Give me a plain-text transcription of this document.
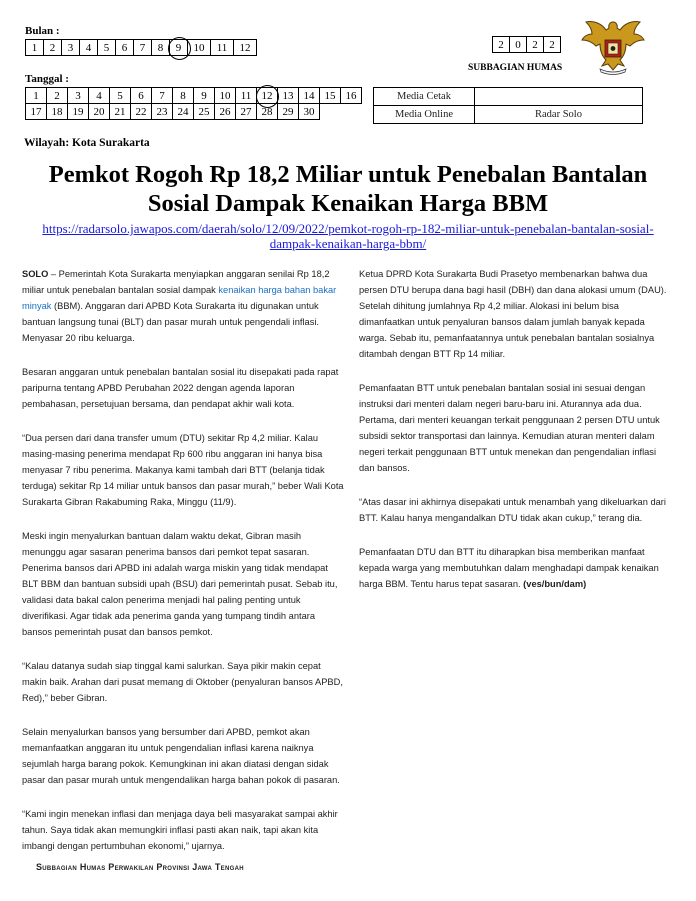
Bulan :
1	2	3	4	5	6	7	8	9	10	11	12	2	0	2	2
SUBBAGIAN HUMAS
Tanggal :
1	2	3	4	5	6	7	8	9	10	11	12	13	14	15	16
17	18	19	20	21	22	23	24	25	26	27	28	29	30		
Media Cetak	
Media Online	Radar Solo
Wilayah: Kota Surakarta
Pemkot Rogoh Rp 18,2 Miliar untuk Penebalan Bantalan Sosial Dampak Kenaikan Harga BBM
https://radarsolo.jawapos.com/daerah/solo/12/09/2022/pemkot-rogoh-rp-182-miliar-untuk-penebalan-bantalan-sosial-dampak-kenaikan-harga-bbm/

SOLO – Pemerintah Kota Surakarta menyiapkan anggaran senilai Rp 18,2 miliar untuk penebalan bantalan sosial dampak kenaikan harga bahan bakar minyak (BBM). Anggaran dari APBD Kota Surakarta itu digunakan untuk bantuan langsung tunai (BLT) dan pasar murah untuk pengendali inflasi. Menyasar 20 ribu keluarga.

Besaran anggaran untuk penebalan bantalan sosial itu disepakati pada rapat paripurna tentang APBD Perubahan 2022 dengan agenda laporan pembahasan, persetujuan bersama, dan pendapat akhir wali kota.

“Dua persen dari dana transfer umum (DTU) sekitar Rp 4,2 miliar. Kalau masing-masing penerima mendapat Rp 600 ribu anggaran ini hanya bisa menyasar 7 ribu penerima. Makanya kami tambah dari BTT (belanja tidak terduga) sekitar Rp 14 miliar untuk bansos dan pasar murah,” beber Wali Kota Surakarta Gibran Rakabuming Raka, Minggu (11/9).

Meski ingin menyalurkan bantuan dalam waktu dekat, Gibran masih menunggu agar sasaran penerima bansos dari pemkot tepat sasaran. Penerima bansos dari APBD ini adalah warga miskin yang tidak mendapat BLT BBM dan bantuan subsidi upah (BSU) dari pemerintah pusat. Sebab itu, validasi data bakal calon penerima menjadi hal paling penting untuk diverifikasi. Agar tidak ada penerima ganda yang tumpang tindih antara bansos pemerintah pusat dan bansos pemkot.

“Kalau datanya sudah siap tinggal kami salurkan. Saya pikir makin cepat makin baik. Arahan dari pusat memang di Oktober (penyaluran bansos APBD, Red),” beber Gibran.

Selain menyalurkan bansos yang bersumber dari APBD, pemkot akan memanfaatkan anggaran itu untuk pengendalian inflasi karena naiknya sejumlah harga barang pokok. Kemungkinan ini akan diatasi dengan sidak pasar dan pasar murah untuk mengendalikan harga bahan pokok di pasaran.

“Kami ingin menekan inflasi dan menjaga daya beli masyarakat sampai akhir tahun. Saya tidak akan memungkiri inflasi pasti akan naik, tapi akan kita imbangi dengan pertumbuhan ekonomi,” ujarnya.

Ketua DPRD Kota Surakarta Budi Prasetyo membenarkan bahwa dua persen DTU berupa dana bagi hasil (DBH) dan dana alokasi umum (DAU). Setelah dihitung jumlahnya Rp 4,2 miliar. Alokasi ini belum bisa dimanfaatkan untuk penyaluran bansos dalam jumlah banyak kepada warga. Sebab itu, pemanfaatannya untuk penebalan bantalan sosialnya ditambah dengan BTT Rp 14 miliar.

Pemanfaatan BTT untuk penebalan bantalan sosial ini sesuai dengan instruksi dari menteri dalam negeri baru-baru ini. Aturannya ada dua. Pertama, dari menteri keuangan terkait penggunaan 2 persen DTU untuk subsidi sektor transportasi dan lainnya. Kemudian aturan menteri dalam negeri terkait penggunaan BTT untuk menekan dan pengendalian inflasi dan bansos.

“Atas dasar ini akhirnya disepakati untuk menambah yang dikeluarkan dari BTT. Kalau hanya mengandalkan DTU tidak akan cukup,” terang dia.

Pemanfaatan DTU dan BTT itu diharapkan bisa memberikan manfaat kepada warga yang membutuhkan dalam menghadapi dampak kenaikan harga BBM. Tentu harus tepat sasaran. (ves/bun/dam)

Subbagian Humas Perwakilan Provinsi Jawa Tengah
